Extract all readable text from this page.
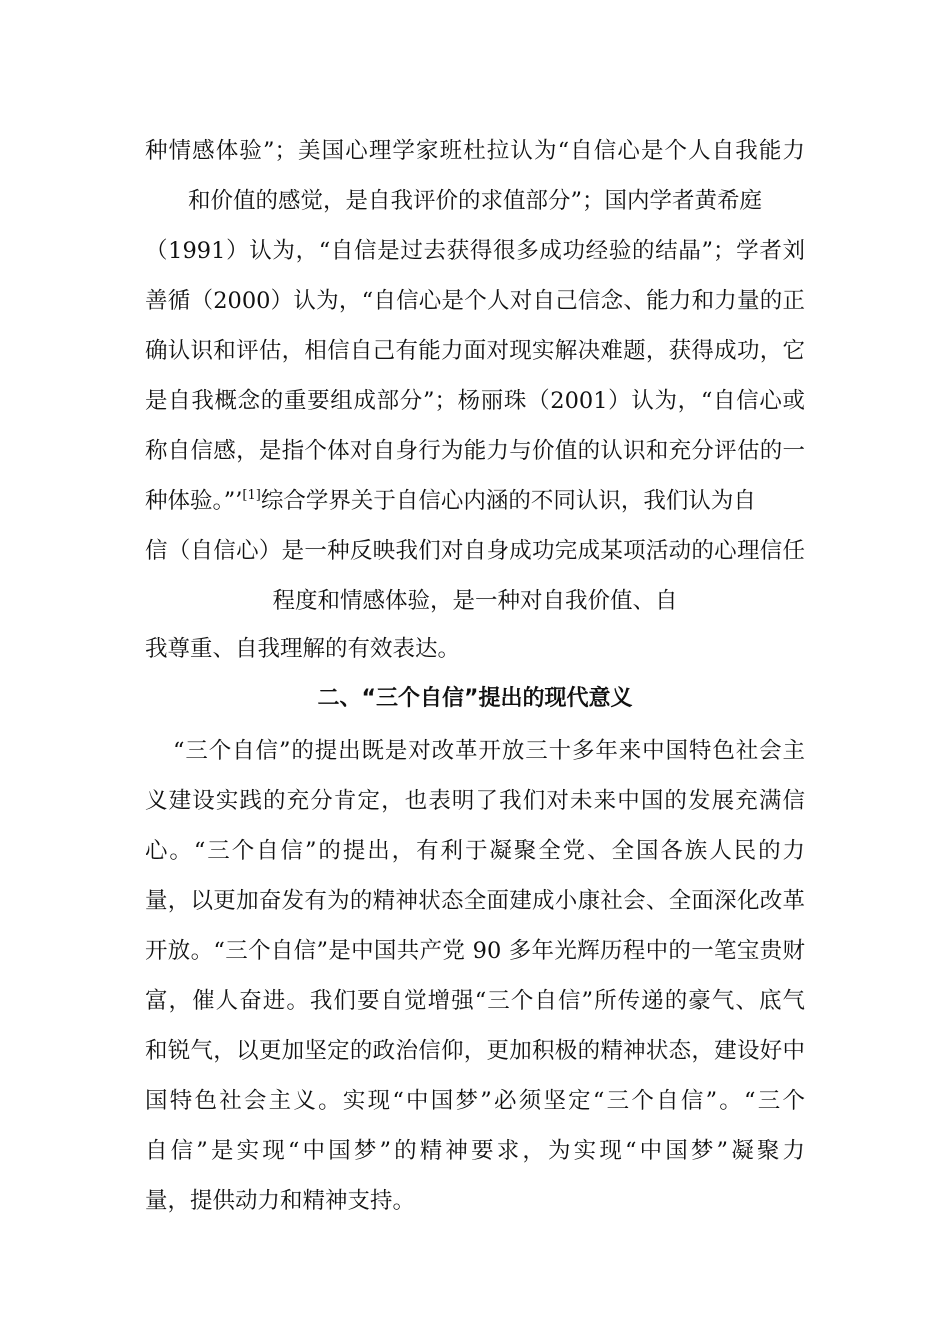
种情感体验”；美国心理学家班杜拉认为“自信心是个人自我能力
和价值的感觉，是自我评价的求值部分”；国内学者黄希庭
（1991）认为，“自信是过去获得很多成功经验的结晶”；学者刘
善循（2000）认为，“自信心是个人对自己信念、能力和力量的正
确认识和评估，相信自己有能力面对现实解决难题，获得成功，它
是自我概念的重要组成部分”；杨丽珠（2001）认为，“自信心或
称自信感，是指个体对自身行为能力与价值的认识和充分评估的一
种体验。”’[1]综合学界关于自信心内涵的不同认识，我们认为自
信（自信心）是一种反映我们对自身成功完成某项活动的心理信任
程度和情感体验，是一种对自我价值、自
我尊重、自我理解的有效表达。
二、“三个自信”提出的现代意义
“三个自信”的提出既是对改革开放三十多年来中国特色社会主
义建设实践的充分肯定，也表明了我们对未来中国的发展充满信
心。“三个自信”的提出，有利于凝聚全党、全国各族人民的力
量，以更加奋发有为的精神状态全面建成小康社会、全面深化改革
开放。“三个自信”是中国共产党 90 多年光辉历程中的一笔宝贵财
富，催人奋进。我们要自觉增强“三个自信”所传递的豪气、底气
和锐气，以更加坚定的政治信仰，更加积极的精神状态，建设好中
国特色社会主义。实现“中国梦”必须坚定“三个自信”。“三个
自信”是实现“中国梦”的精神要求，为实现“中国梦”凝聚力
量，提供动力和精神支持。
